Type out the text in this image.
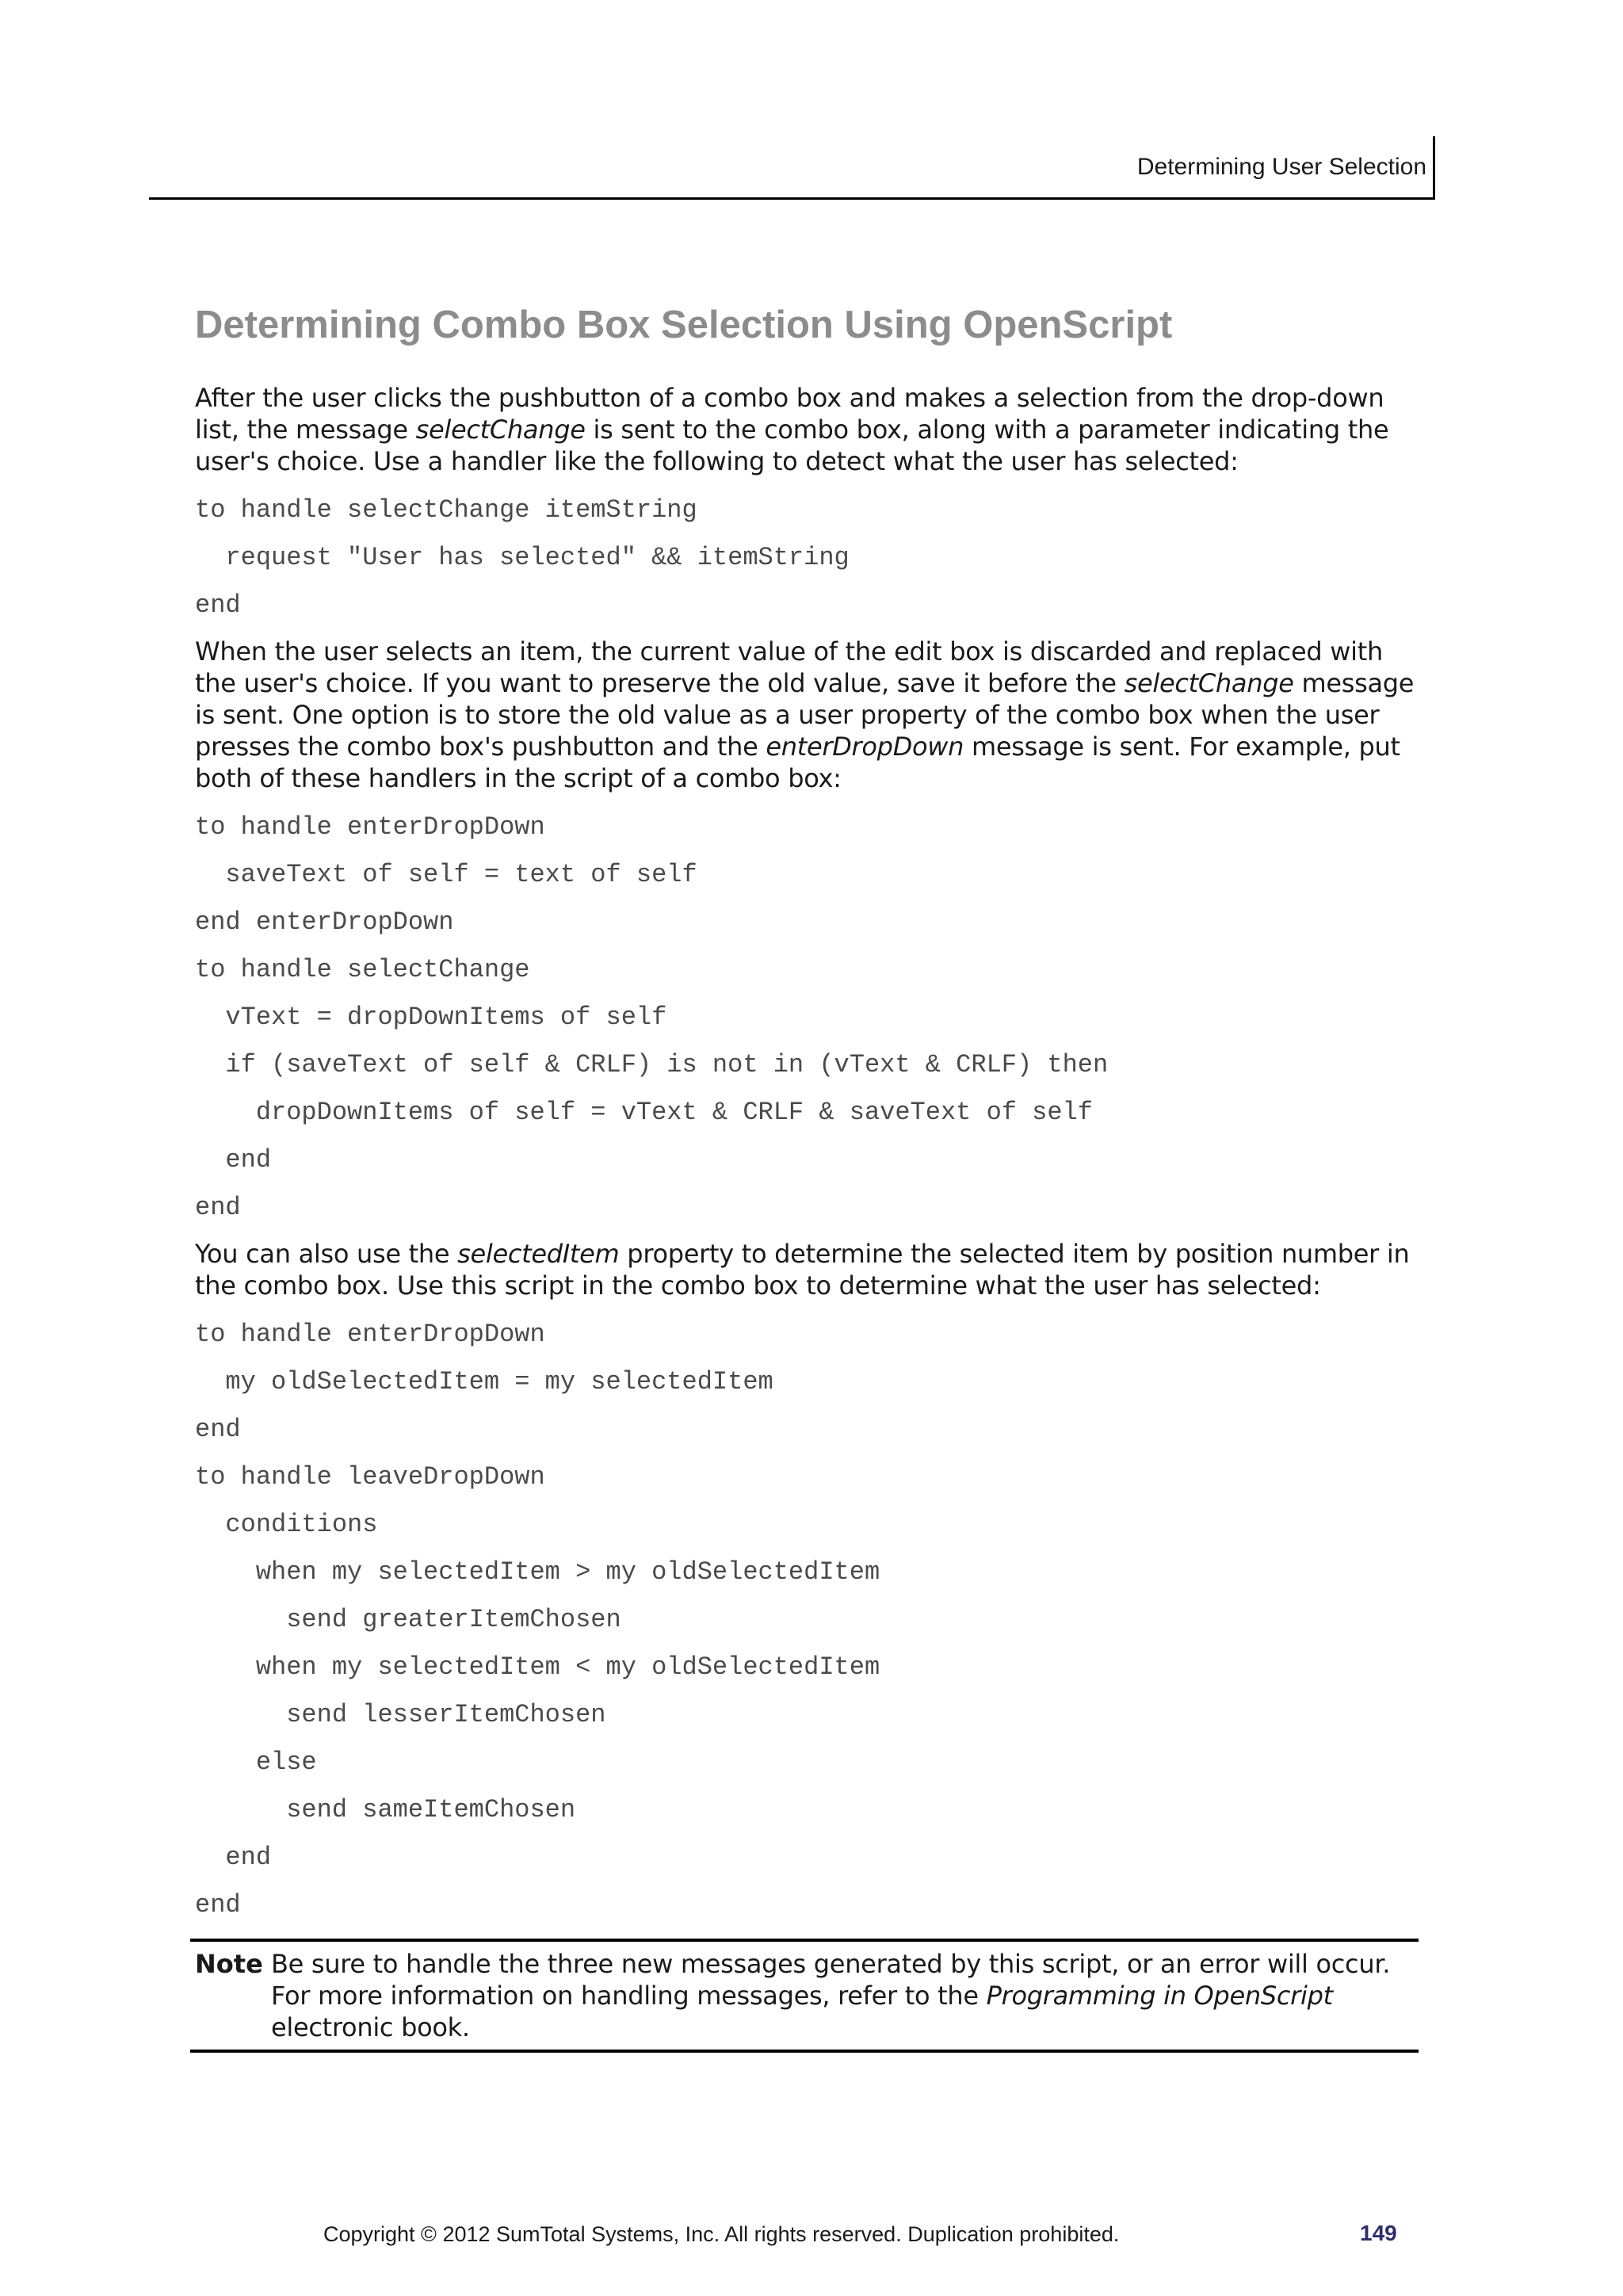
Determining User Selection
Determining Combo Box Selection Using OpenScript

After the user clicks the pushbutton of a combo box and makes a selection from the drop-down list, the message selectChange is sent to the combo box, along with a parameter indicating the user's choice. Use a handler like the following to detect what the user has selected:

to handle selectChange itemString
request "User has selected" && itemString
end

When the user selects an item, the current value of the edit box is discarded and replaced with the user's choice. If you want to preserve the old value, save it before the selectChange message is sent. One option is to store the old value as a user property of the combo box when the user presses the combo box's pushbutton and the enterDropDown message is sent. For example, put both of these handlers in the script of a combo box:

to handle enterDropDown
saveText of self = text of self
end enterDropDown
to handle selectChange
vText = dropDownItems of self
if (saveText of self & CRLF) is not in (vText & CRLF) then
dropDownItems of self = vText & CRLF & saveText of self
end
end

You can also use the selectedItem property to determine the selected item by position number in the combo box. Use this script in the combo box to determine what the user has selected:

to handle enterDropDown
my oldSelectedItem = my selectedItem
end
to handle leaveDropDown
conditions
when my selectedItem > my oldSelectedItem
send greaterItemChosen
when my selectedItem < my oldSelectedItem
send lesserItemChosen
else
send sameItemChosen
end
end
Note Be sure to handle the three new messages generated by this script, or an error will occur. For more information on handling messages, refer to the Programming in OpenScript electronic book.
Copyright © 2012 SumTotal Systems, Inc. All rights reserved. Duplication prohibited.	149
